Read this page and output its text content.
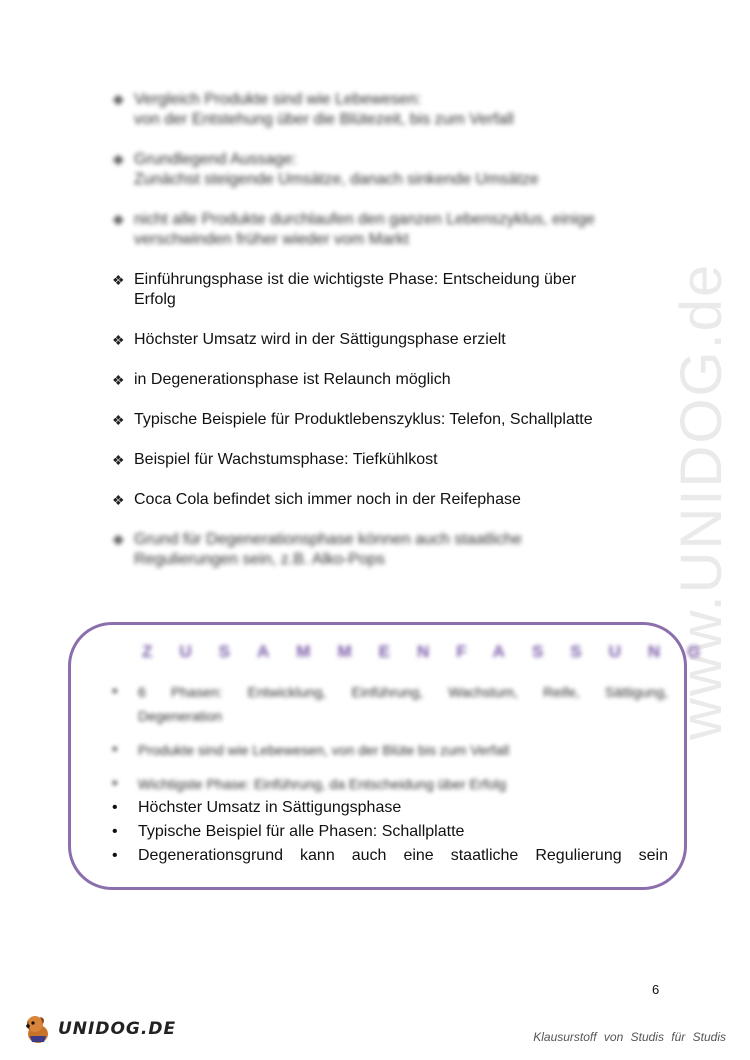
❖ Vergleich Produkte sind wie Lebewesen:
von der Entstehung über die Blütezeit, bis zum Verfall
❖ Grundlegend Aussage:
Zunächst steigende Umsätze, danach sinkende Umsätze
❖ nicht alle Produkte durchlaufen den ganzen Lebenszyklus, einige
verschwinden früher wieder vom Markt
❖ Einführungsphase ist die wichtigste Phase: Entscheidung über
Erfolg
❖ Höchster Umsatz wird in der Sättigungsphase erzielt
❖ in Degenerationsphase ist Relaunch möglich
❖ Typische Beispiele für Produktlebenszyklus: Telefon, Schallplatte
❖ Beispiel für Wachstumsphase: Tiefkühlkost
❖ Coca Cola befindet sich immer noch in der Reifephase
❖ Grund für Degenerationsphase können auch staatliche
Regulierungen sein, z.B. Alko-Pops	www.UNIDOG.de
ZUSAMMENFASSUNG
•	6 Phasen: Entwicklung, Einführung, Wachstum, Reife, Sättigung,
Degeneration
•	Produkte sind wie Lebewesen, von der Blüte bis zum Verfall
•	Wichtigste Phase: Einführung, da Entscheidung über Erfolg
•	Höchster Umsatz in Sättigungsphase
•	Typische Beispiel für alle Phasen: Schallplatte
•	Degenerationsgrund kann auch eine staatliche Regulierung sein
6
UNIDOG.DE	Klausurstoff von Studis für Studis
